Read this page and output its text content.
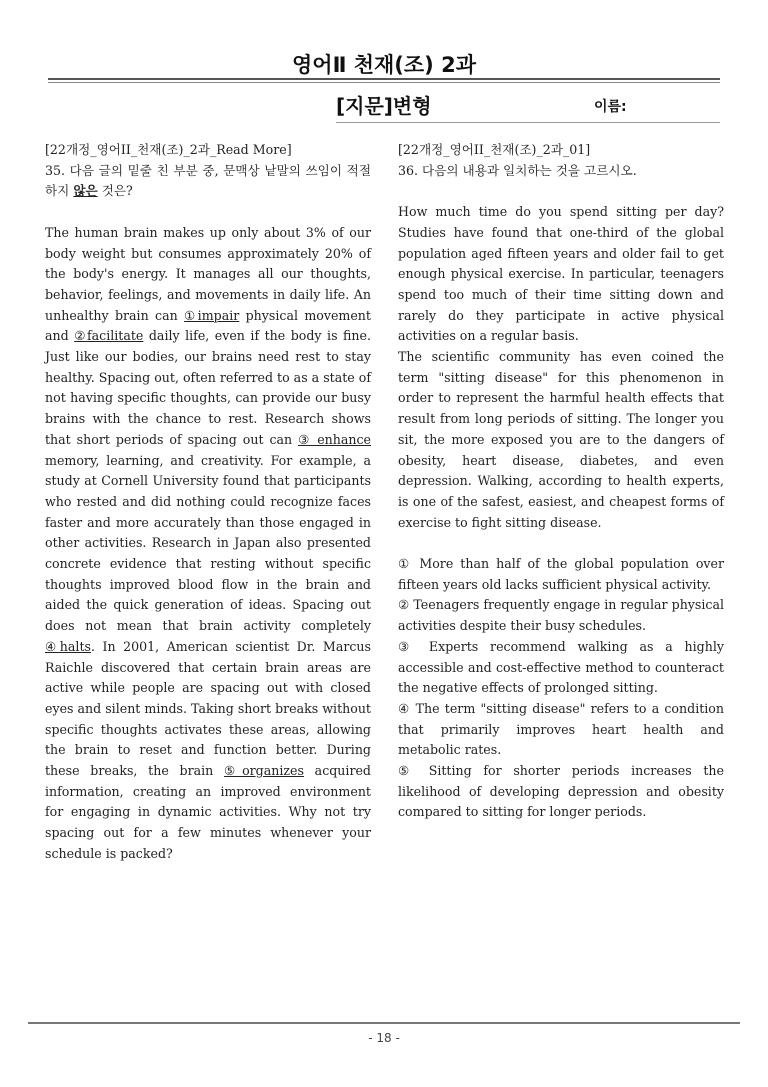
영어Ⅱ 천재(조) 2과
[지문]변형	이름:

[22개정_영어II_천재(조)_2과_Read More]

35. 다음 글의 밑줄 친 부분 중, 문맥상 낱말의 쓰임이 적절하지 않은 것은?

The human brain makes up only about 3% of our body weight but consumes approximately 20% of the body's energy. It manages all our thoughts, behavior, feelings, and movements in daily life. An unhealthy brain can ①impair physical movement and ②facilitate daily life, even if the body is fine. Just like our bodies, our brains need rest to stay healthy. Spacing out, often referred to as a state of not having specific thoughts, can provide our busy brains with the chance to rest. Research shows that short periods of spacing out can ③ enhance memory, learning, and creativity. For example, a study at Cornell University found that participants who rested and did nothing could recognize faces faster and more accurately than those engaged in other activities. Research in Japan also presented concrete evidence that resting without specific thoughts improved blood flow in the brain and aided the quick generation of ideas. Spacing out does not mean that brain activity completely ④halts. In 2001, American scientist Dr. Marcus Raichle discovered that certain brain areas are active while people are spacing out with closed eyes and silent minds. Taking short breaks without specific thoughts activates these areas, allowing the brain to reset and function better. During these breaks, the brain ⑤organizes acquired information, creating an improved environment for engaging in dynamic activities. Why not try spacing out for a few minutes whenever your schedule is packed?

[22개정_영어II_천재(조)_2과_01]

36. 다음의 내용과 일치하는 것을 고르시오.

How much time do you spend sitting per day? Studies have found that one-third of the global population aged fifteen years and older fail to get enough physical exercise. In particular, teenagers spend too much of their time sitting down and rarely do they participate in active physical activities on a regular basis.

The scientific community has even coined the term "sitting disease" for this phenomenon in order to represent the harmful health effects that result from long periods of sitting. The longer you sit, the more exposed you are to the dangers of obesity, heart disease, diabetes, and even depression. Walking, according to health experts, is one of the safest, easiest, and cheapest forms of exercise to fight sitting disease.

① More than half of the global population over fifteen years old lacks sufficient physical activity.

② Teenagers frequently engage in regular physical activities despite their busy schedules.

③ Experts recommend walking as a highly accessible and cost-effective method to counteract the negative effects of prolonged sitting.

④ The term "sitting disease" refers to a condition that primarily improves heart health and metabolic rates.

⑤ Sitting for shorter periods increases the likelihood of developing depression and obesity compared to sitting for longer periods.

- 18 -
